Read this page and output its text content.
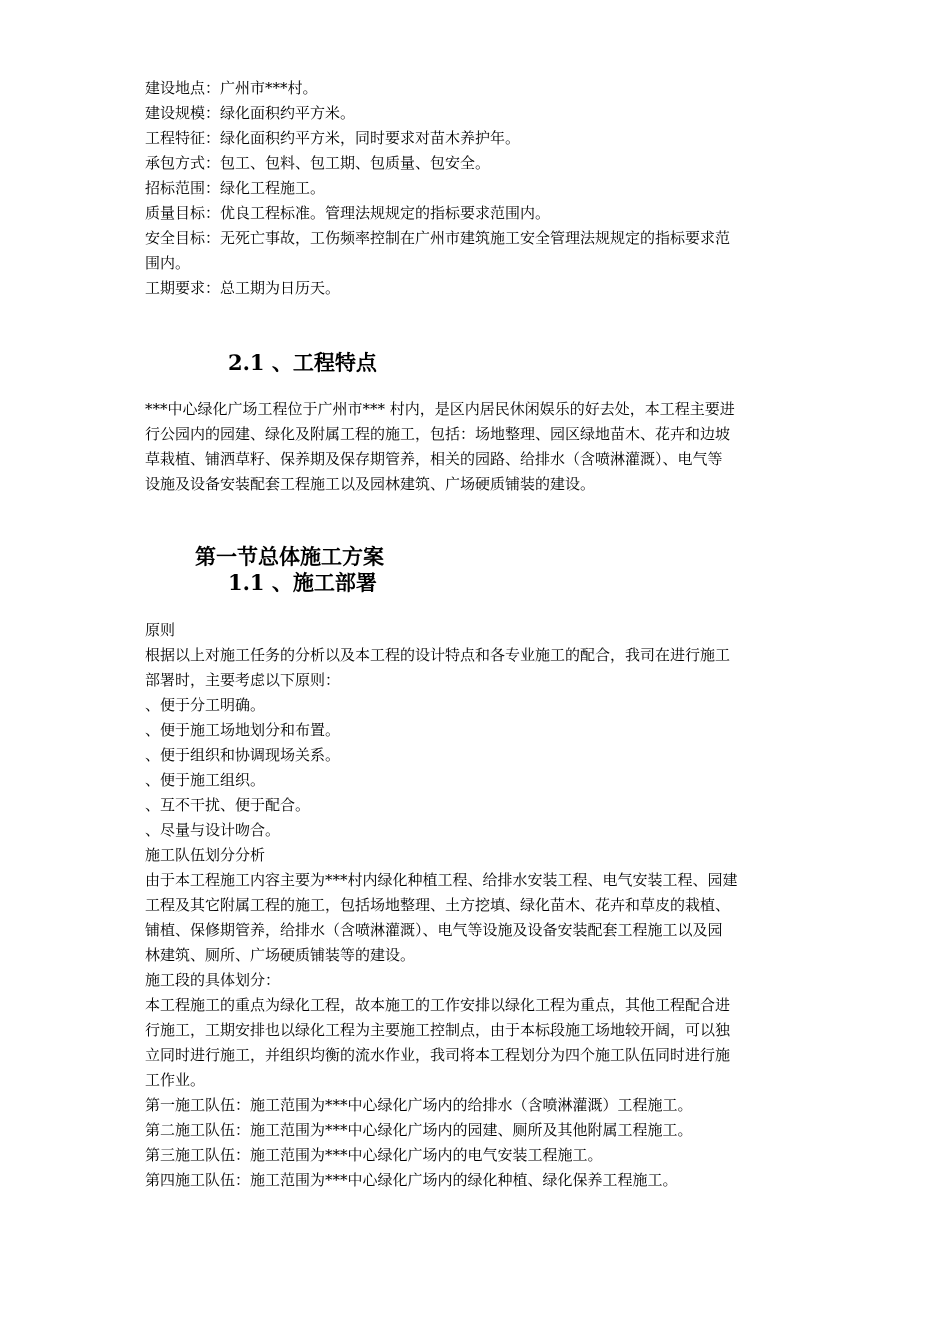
建设地点：广州市***村。
建设规模：绿化面积约平方米。
工程特征：绿化面积约平方米，同时要求对苗木养护年。
承包方式：包工、包料、包工期、包质量、包安全。
招标范围：绿化工程施工。
质量目标：优良工程标准。管理法规规定的指标要求范围内。
安全目标：无死亡事故，工伤频率控制在广州市建筑施工安全管理法规规定的指标要求范
围内。
工期要求：总工期为日历天。
2.1 、工程特点
***中心绿化广场工程位于广州市*** 村内，是区内居民休闲娱乐的好去处，本工程主要进
行公园内的园建、绿化及附属工程的施工，包括：场地整理、园区绿地苗木、花卉和边坡
草栽植、铺洒草籽、保养期及保存期管养，相关的园路、给排水（含喷淋灌溉）、电气等
设施及设备安装配套工程施工以及园林建筑、广场硬质铺装的建设。
第一节总体施工方案
1.1 、施工部署
原则
根据以上对施工任务的分析以及本工程的设计特点和各专业施工的配合，我司在进行施工
部署时，主要考虑以下原则：
、便于分工明确。
、便于施工场地划分和布置。
、便于组织和协调现场关系。
、便于施工组织。
、互不干扰、便于配合。
、尽量与设计吻合。
施工队伍划分分析
由于本工程施工内容主要为***村内绿化种植工程、给排水安装工程、电气安装工程、园建
工程及其它附属工程的施工，包括场地整理、土方挖填、绿化苗木、花卉和草皮的栽植、
铺植、保修期管养，给排水（含喷淋灌溉）、电气等设施及设备安装配套工程施工以及园
林建筑、厕所、广场硬质铺装等的建设。
施工段的具体划分：
本工程施工的重点为绿化工程，故本施工的工作安排以绿化工程为重点，其他工程配合进
行施工，工期安排也以绿化工程为主要施工控制点，由于本标段施工场地较开阔，可以独
立同时进行施工，并组织均衡的流水作业，我司将本工程划分为四个施工队伍同时进行施
工作业。
第一施工队伍：施工范围为***中心绿化广场内的给排水（含喷淋灌溉）工程施工。
第二施工队伍：施工范围为***中心绿化广场内的园建、厕所及其他附属工程施工。
第三施工队伍：施工范围为***中心绿化广场内的电气安装工程施工。
第四施工队伍：施工范围为***中心绿化广场内的绿化种植、绿化保养工程施工。
